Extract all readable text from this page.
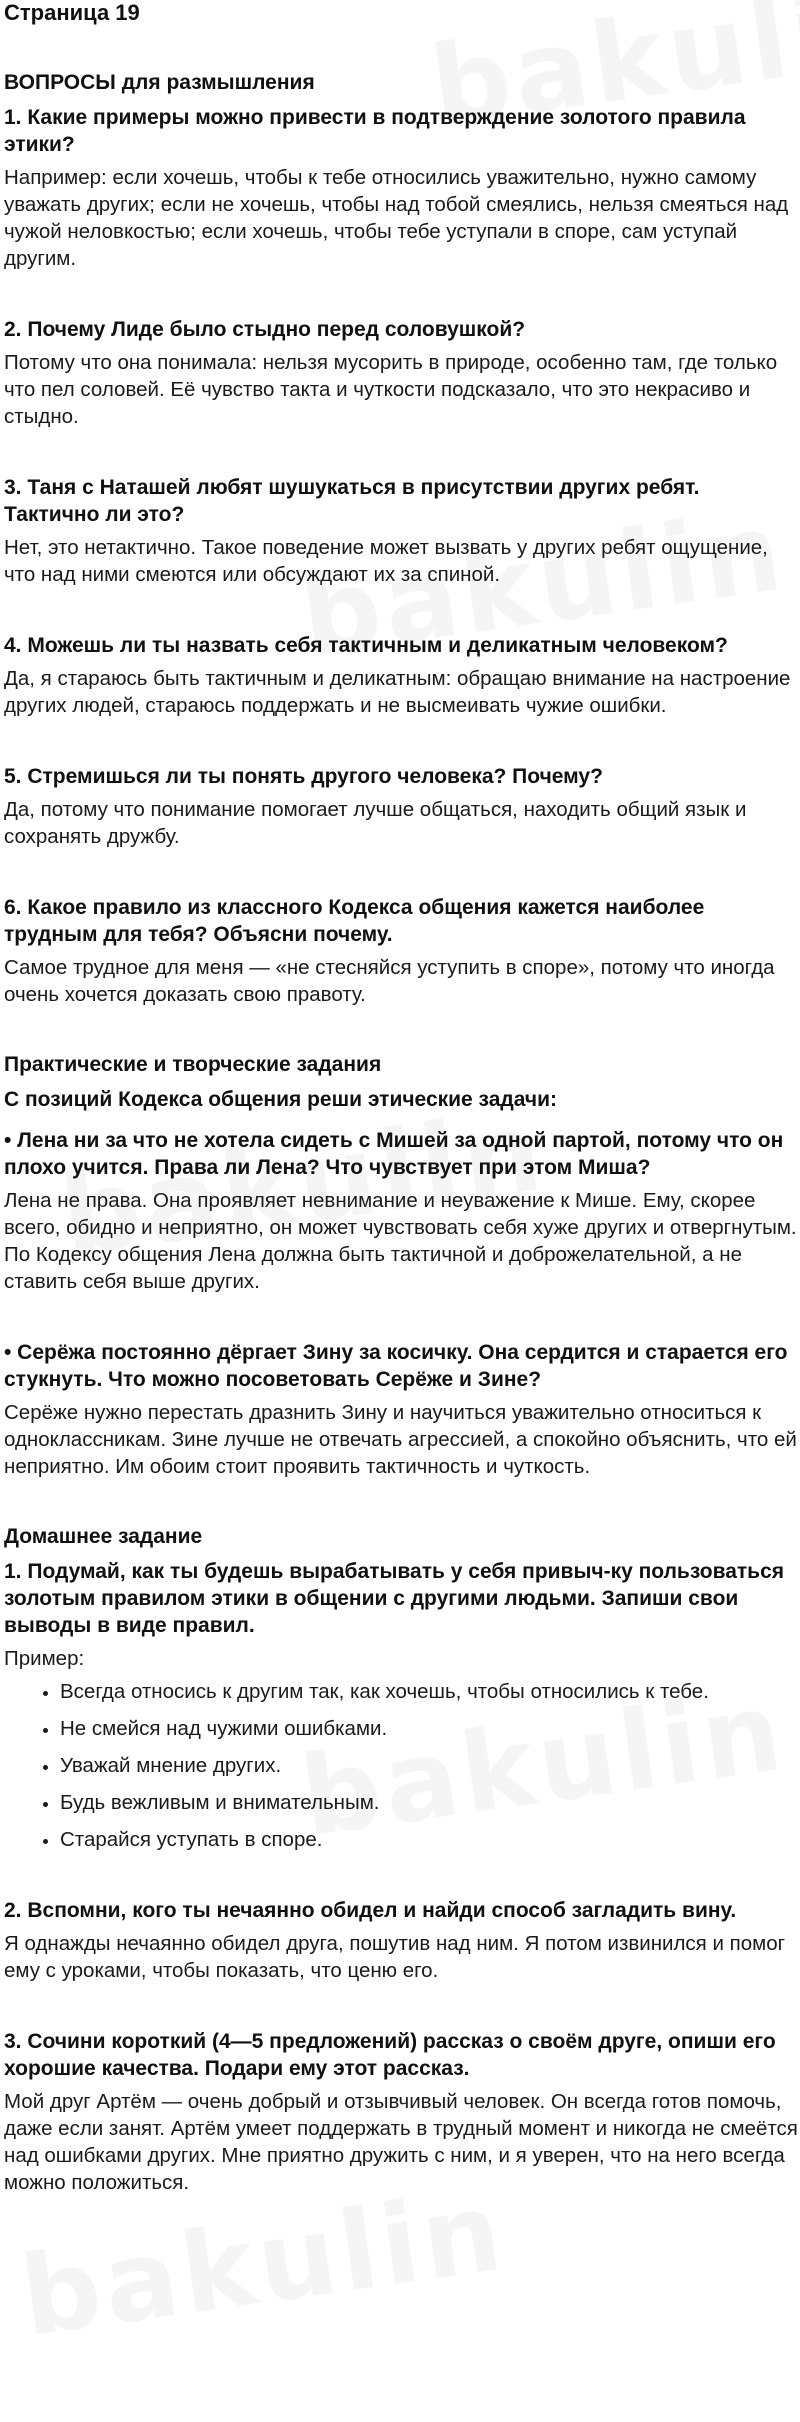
Страница 19
ВОПРОСЫ для размышления

1. Какие примеры можно привести в подтверждение золотого правила этики?

Например: если хочешь, чтобы к тебе относились уважительно, нужно самому уважать других; если не хочешь, чтобы над тобой смеялись, нельзя смеяться над чужой неловкостью; если хочешь, чтобы тебе уступали в споре, сам уступай другим.

2. Почему Лиде было стыдно перед соловушкой?

Потому что она понимала: нельзя мусорить в природе, особенно там, где только что пел соловей. Её чувство такта и чуткости подсказало, что это некрасиво и стыдно.

3. Таня с Наташей любят шушукаться в присутствии других ребят. Тактично ли это?

Нет, это нетактично. Такое поведение может вызвать у других ребят ощущение, что над ними смеются или обсуждают их за спиной.

4. Можешь ли ты назвать себя тактичным и деликатным человеком?

Да, я стараюсь быть тактичным и деликатным: обращаю внимание на настроение других людей, стараюсь поддержать и не высмеивать чужие ошибки.

5. Стремишься ли ты понять другого человека? Почему?

Да, потому что понимание помогает лучше общаться, находить общий язык и сохранять дружбу.

6. Какое правило из классного Кодекса общения кажется наиболее трудным для тебя? Объясни почему.

Самое трудное для меня — «не стесняйся уступить в споре», потому что иногда очень хочется доказать свою правоту.

Практические и творческие задания
С позиций Кодекса общения реши этические задачи:

• Лена ни за что не хотела сидеть с Мишей за одной партой, потому что он плохо учится. Права ли Лена? Что чувствует при этом Миша?

Лена не права. Она проявляет невнимание и неуважение к Мише. Ему, скорее всего, обидно и неприятно, он может чувствовать себя хуже других и отвергнутым. По Кодексу общения Лена должна быть тактичной и доброжелательной, а не ставить себя выше других.

• Серёжа постоянно дёргает Зину за косичку. Она сердится и старается его стукнуть. Что можно посоветовать Серёже и Зине?

Серёже нужно перестать дразнить Зину и научиться уважительно относиться к одноклассникам. Зине лучше не отвечать агрессией, а спокойно объяснить, что ей неприятно. Им обоим стоит проявить тактичность и чуткость.

Домашнее задание

1. Подумай, как ты будешь вырабатывать у себя привыч-ку пользоваться золотым правилом этики в общении с другими людьми. Запиши свои выводы в виде правил.

Пример:

• Всегда относись к другим так, как хочешь, чтобы относились к тебе.
• Не смейся над чужими ошибками.
• Уважай мнение других.
• Будь вежливым и внимательным.
• Старайся уступать в споре.

2. Вспомни, кого ты нечаянно обидел и найди способ загладить вину.

Я однажды нечаянно обидел друга, пошутив над ним. Я потом извинился и помог ему с уроками, чтобы показать, что ценю его.

3. Сочини короткий (4—5 предложений) рассказ о своём друге, опиши его хорошие качества. Подари ему этот рассказ.

Мой друг Артём — очень добрый и отзывчивый человек. Он всегда готов помочь, даже если занят. Артём умеет поддержать в трудный момент и никогда не смеётся над ошибками других. Мне приятно дружить с ним, и я уверен, что на него всегда можно положиться.
